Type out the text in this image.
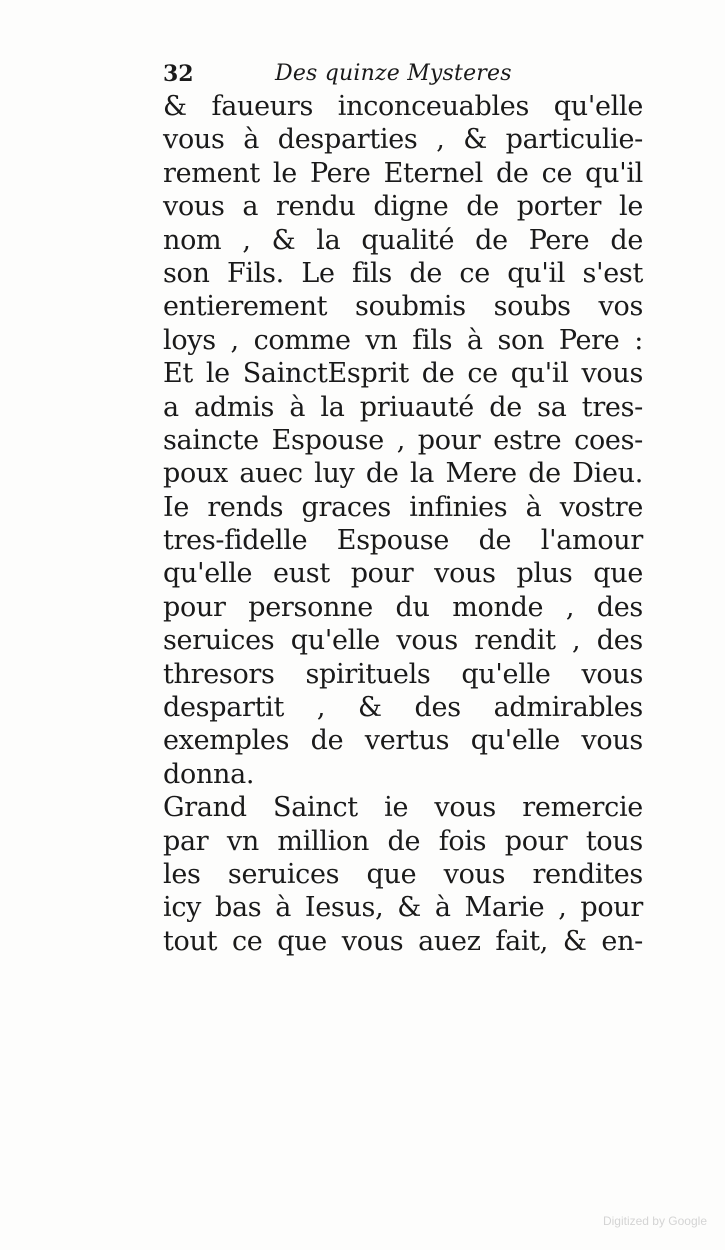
32	Des quinze Mysteres
& faueurs inconceuables qu'elle
vous à desparties , & particulie-
rement le Pere Eternel de ce qu'il
vous a rendu digne de porter le
nom , & la qualité de Pere de
son Fils. Le fils de ce qu'il s'est
entierement soubmis soubs vos
loys , comme vn fils à son Pere :
Et le SainctEsprit de ce qu'il vous
a admis à la priuauté de sa tres-
saincte Espouse , pour estre coes-
poux auec luy de la Mere de Dieu.
Ie rends graces infinies à vostre
tres-fidelle Espouse de l'amour
qu'elle eust pour vous plus que
pour personne du monde , des
seruices qu'elle vous rendit , des
thresors spirituels qu'elle vous
despartit , & des admirables
exemples de vertus qu'elle vous
donna.
Grand Sainct ie vous remercie
par vn million de fois pour tous
les seruices que vous rendites
icy bas à Iesus, & à Marie , pour
tout ce que vous auez fait, & en-
Digitized by Google
